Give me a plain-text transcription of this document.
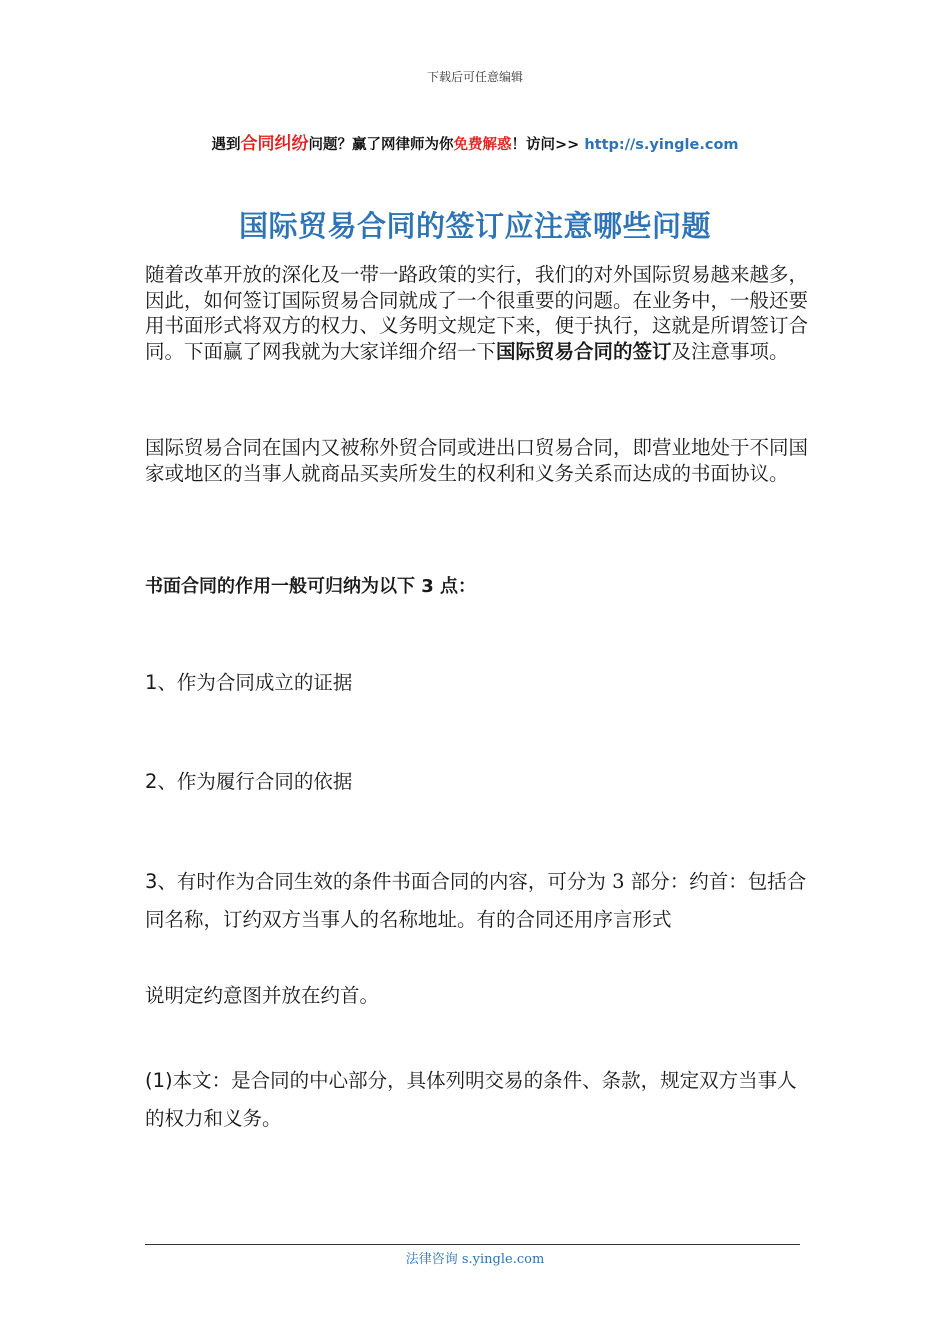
下载后可任意编辑
遇到合同纠纷问题？赢了网律师为你免费解惑！访问>> http://s.yingle.com
国际贸易合同的签订应注意哪些问题
随着改革开放的深化及一带一路政策的实行，我们的对外国际贸易越来越多，因此，如何签订国际贸易合同就成了一个很重要的问题。在业务中，一般还要用书面形式将双方的权力、义务明文规定下来，便于执行，这就是所谓签订合同。下面赢了网我就为大家详细介绍一下国际贸易合同的签订及注意事项。
国际贸易合同在国内又被称外贸合同或进出口贸易合同，即营业地处于不同国家或地区的当事人就商品买卖所发生的权利和义务关系而达成的书面协议。
书面合同的作用一般可归纳为以下 3 点：
1、作为合同成立的证据
2、作为履行合同的依据
3、有时作为合同生效的条件书面合同的内容，可分为 3 部分：约首：包括合同名称，订约双方当事人的名称地址。有的合同还用序言形式
说明定约意图并放在约首。
(1)本文：是合同的中心部分，具体列明交易的条件、条款，规定双方当事人的权力和义务。
法律咨询 s.yingle.com
